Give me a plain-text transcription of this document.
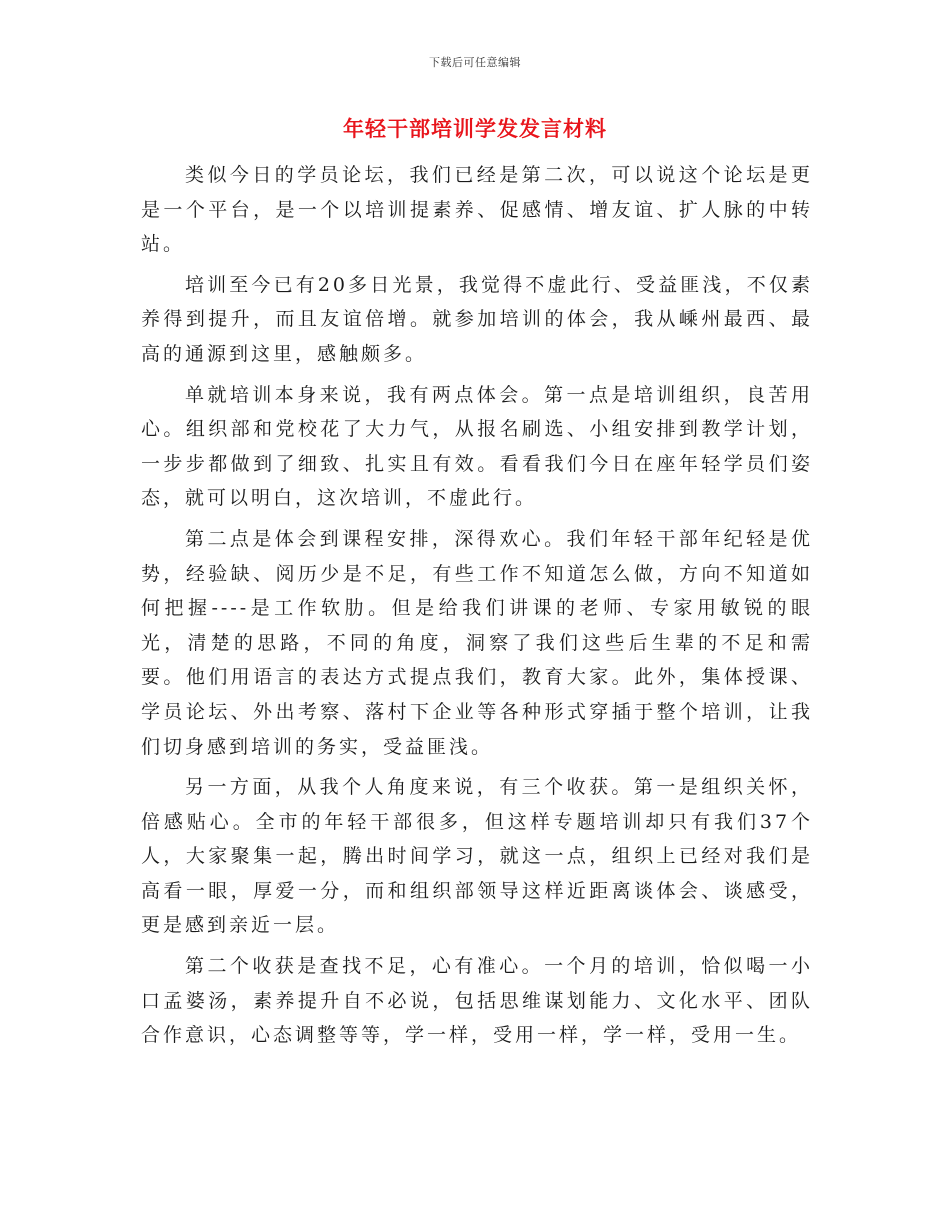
下载后可任意编辑
年轻干部培训学发发言材料

类似今日的学员论坛，我们已经是第二次，可以说这个论坛是更是一个平台，是一个以培训提素养、促感情、增友谊、扩人脉的中转站。

培训至今已有20多日光景，我觉得不虚此行、受益匪浅，不仅素养得到提升，而且友谊倍增。就参加培训的体会，我从嵊州最西、最高的通源到这里，感触颇多。

单就培训本身来说，我有两点体会。第一点是培训组织，良苦用心。组织部和党校花了大力气，从报名刷选、小组安排到教学计划，一步步都做到了细致、扎实且有效。看看我们今日在座年轻学员们姿态，就可以明白，这次培训，不虚此行。

第二点是体会到课程安排，深得欢心。我们年轻干部年纪轻是优势，经验缺、阅历少是不足，有些工作不知道怎么做，方向不知道如何把握----是工作软肋。但是给我们讲课的老师、专家用敏锐的眼光，清楚的思路，不同的角度，洞察了我们这些后生辈的不足和需要。他们用语言的表达方式提点我们，教育大家。此外，集体授课、学员论坛、外出考察、落村下企业等各种形式穿插于整个培训，让我们切身感到培训的务实，受益匪浅。

另一方面，从我个人角度来说，有三个收获。第一是组织关怀，倍感贴心。全市的年轻干部很多，但这样专题培训却只有我们37个人，大家聚集一起，腾出时间学习，就这一点，组织上已经对我们是高看一眼，厚爱一分，而和组织部领导这样近距离谈体会、谈感受，更是感到亲近一层。

第二个收获是查找不足，心有准心。一个月的培训，恰似喝一小口孟婆汤，素养提升自不必说，包括思维谋划能力、文化水平、团队合作意识，心态调整等等，学一样，受用一样，学一样，受用一生。
